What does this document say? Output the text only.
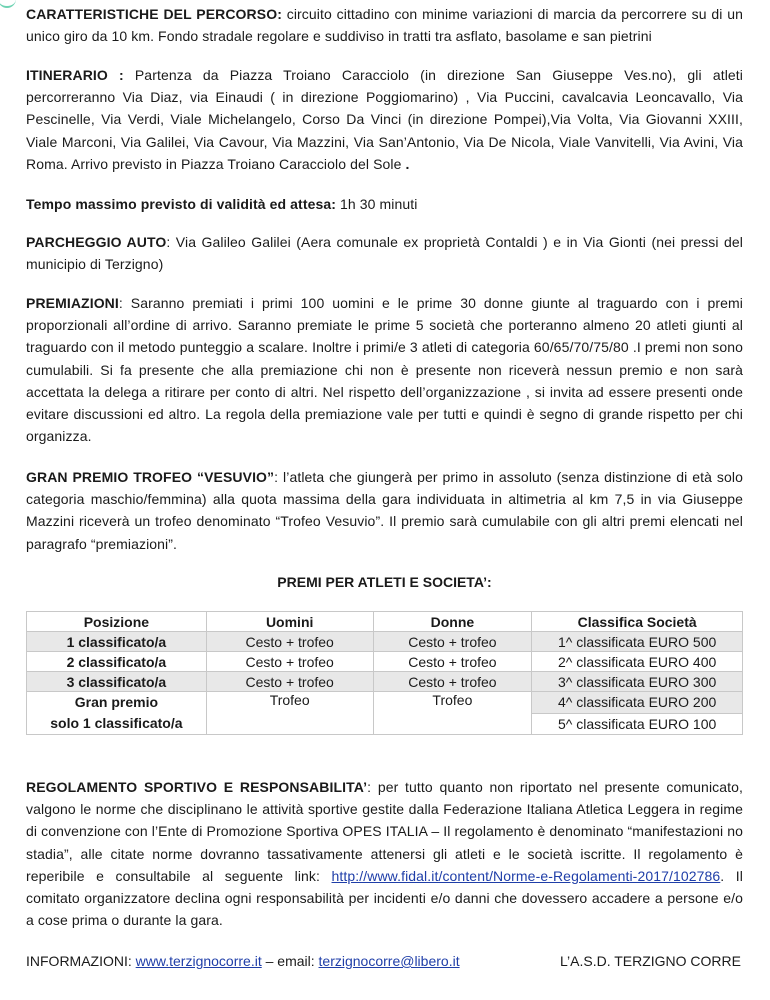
CARATTERISTICHE DEL PERCORSO: circuito cittadino con minime variazioni di marcia da percorrere su di un unico giro da 10 km. Fondo stradale regolare e suddiviso in tratti tra asflato, basolame e san pietrini

ITINERARIO : Partenza da Piazza Troiano Caracciolo (in direzione San Giuseppe Ves.no), gli atleti percorreranno Via Diaz, via Einaudi ( in direzione Poggiomarino) , Via Puccini, cavalcavia Leoncavallo, Via Pescinelle, Via Verdi, Viale Michelangelo, Corso Da Vinci (in direzione Pompei),Via Volta, Via Giovanni XXIII, Viale Marconi, Via Galilei, Via Cavour, Via Mazzini, Via San’Antonio, Via De Nicola, Viale Vanvitelli, Via Avini, Via Roma. Arrivo previsto in Piazza Troiano Caracciolo del Sole .

Tempo massimo previsto di validità ed attesa: 1h 30 minuti

PARCHEGGIO AUTO: Via Galileo Galilei (Aera comunale ex proprietà Contaldi ) e in Via Gionti (nei pressi del municipio di Terzigno)

PREMIAZIONI: Saranno premiati i primi 100 uomini e le prime 30 donne giunte al traguardo con i premi proporzionali all’ordine di arrivo. Saranno premiate le prime 5 società che porteranno almeno 20 atleti giunti al traguardo con il metodo punteggio a scalare. Inoltre i primi/e 3 atleti di categoria 60/65/70/75/80 .I premi non sono cumulabili. Si fa presente che alla premiazione chi non è presente non riceverà nessun premio e non sarà accettata la delega a ritirare per conto di altri. Nel rispetto dell’organizzazione , si invita ad essere presenti onde evitare discussioni ed altro. La regola della premiazione vale per tutti e quindi è segno di grande rispetto per chi organizza.

GRAN PREMIO TROFEO “VESUVIO”: l’atleta che giungerà per primo in assoluto (senza distinzione di età solo categoria maschio/femmina) alla quota massima della gara individuata in altimetria al km 7,5 in via Giuseppe Mazzini riceverà un trofeo denominato “Trofeo Vesuvio”. Il premio sarà cumulabile con gli altri premi elencati nel paragrafo “premiazioni”.

PREMI PER ATLETI E SOCIETA’:
Posizione	Uomini	Donne	Classifica Società
1 classificato/a	Cesto + trofeo	Cesto + trofeo	1^ classificata EURO 500
2 classificato/a	Cesto + trofeo	Cesto + trofeo	2^ classificata EURO 400
3 classificato/a	Cesto + trofeo	Cesto + trofeo	3^ classificata EURO 300

Gran premio
solo 1 classificato/a	Trofeo	Trofeo	4^ classificata EURO 200
			5^ classificata EURO 100

REGOLAMENTO SPORTIVO E RESPONSABILITA’: per tutto quanto non riportato nel presente comunicato, valgono le norme che disciplinano le attività sportive gestite dalla Federazione Italiana Atletica Leggera in regime di convenzione con l’Ente di Promozione Sportiva OPES ITALIA – Il regolamento è denominato “manifestazioni no stadia”, alle citate norme dovranno tassativamente attenersi gli atleti e le società iscritte. Il regolamento è reperibile e consultabile al seguente link: http://www.fidal.it/content/Norme-e-Regolamenti-2017/102786. Il comitato organizzatore declina ogni responsabilità per incidenti e/o danni che dovessero accadere a persone e/o a cose prima o durante la gara.

INFORMAZIONI: www.terzignocorre.it – email: terzignocorre@libero.it	L’A.S.D. TERZIGNO CORRE
